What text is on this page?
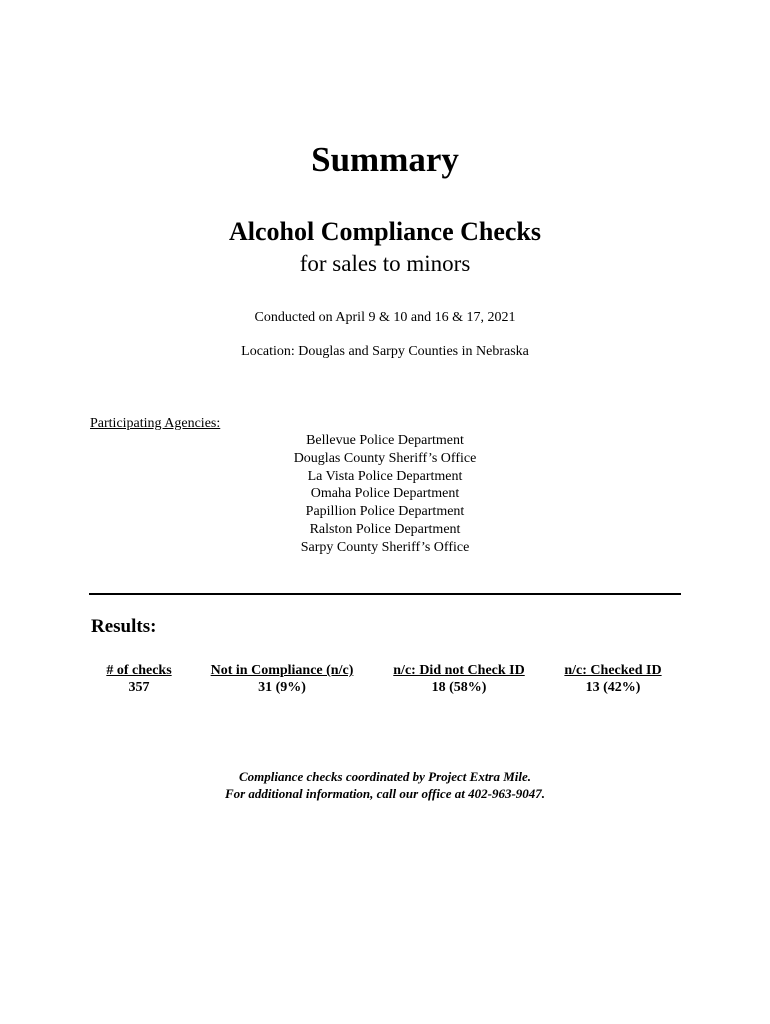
Summary
Alcohol Compliance Checks
for sales to minors
Conducted on April 9 & 10 and 16 & 17, 2021
Location: Douglas and Sarpy Counties in Nebraska
Participating Agencies:
Bellevue Police Department
Douglas County Sheriff’s Office
La Vista Police Department
Omaha Police Department
Papillion Police Department
Ralston Police Department
Sarpy County Sheriff’s Office
Results:
# of checks
357
Not in Compliance (n/c)
31 (9%)
n/c: Did not Check ID
18 (58%)
n/c: Checked ID
13 (42%)
Compliance checks coordinated by Project Extra Mile.
For additional information, call our office at 402-963-9047.
